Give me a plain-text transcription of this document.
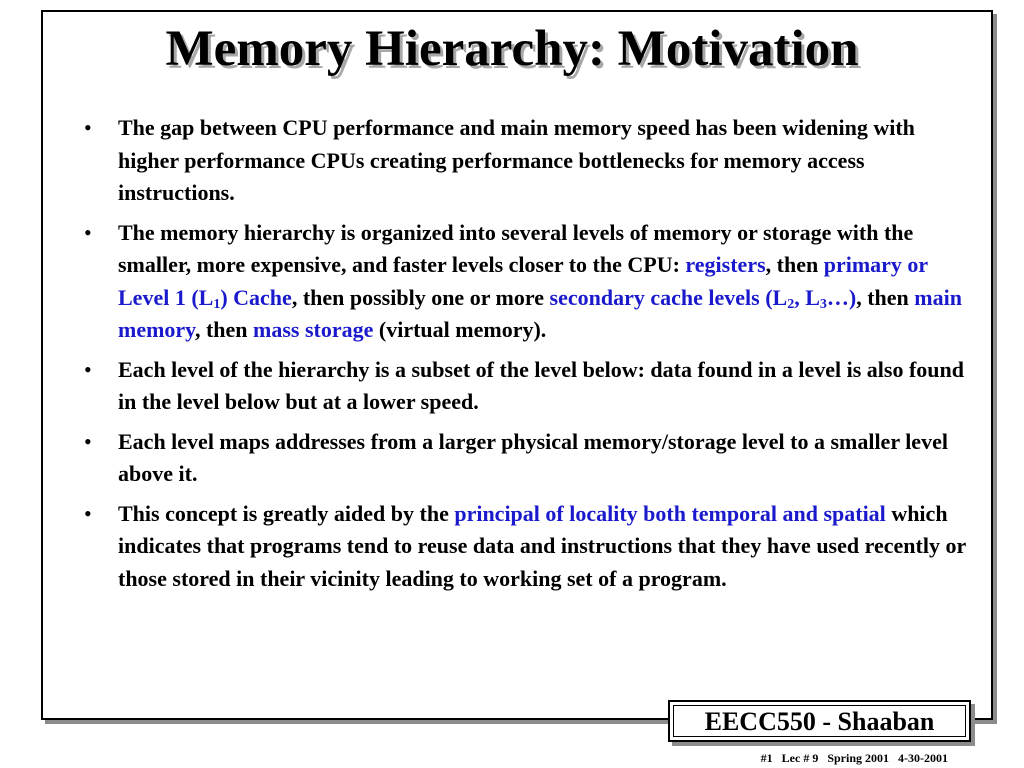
Memory Hierarchy: Motivation
• The gap between CPU performance and main memory speed has been widening with higher performance CPUs creating performance bottlenecks for memory access instructions.
• The memory hierarchy is organized into several levels of memory or storage with the smaller, more expensive, and faster levels closer to the CPU: registers, then primary or Level 1 $(L_1)$ Cache, then possibly one or more secondary cache levels ($L_2$, $L_3\dots$), then main memory, then mass storage (virtual memory).
• Each level of the hierarchy is a subset of the level below: data found in a level is also found in the level below but at a lower speed.
• Each level maps addresses from a larger physical memory/storage level to a smaller level above it.
• This concept is greatly aided by the principal of locality both temporal and spatial which indicates that programs tend to reuse data and instructions that they have used recently or those stored in their vicinity leading to working set of a program.
EECC550 - Shaaban
#1   Lec # 9   Spring 2001   4-30-2001
